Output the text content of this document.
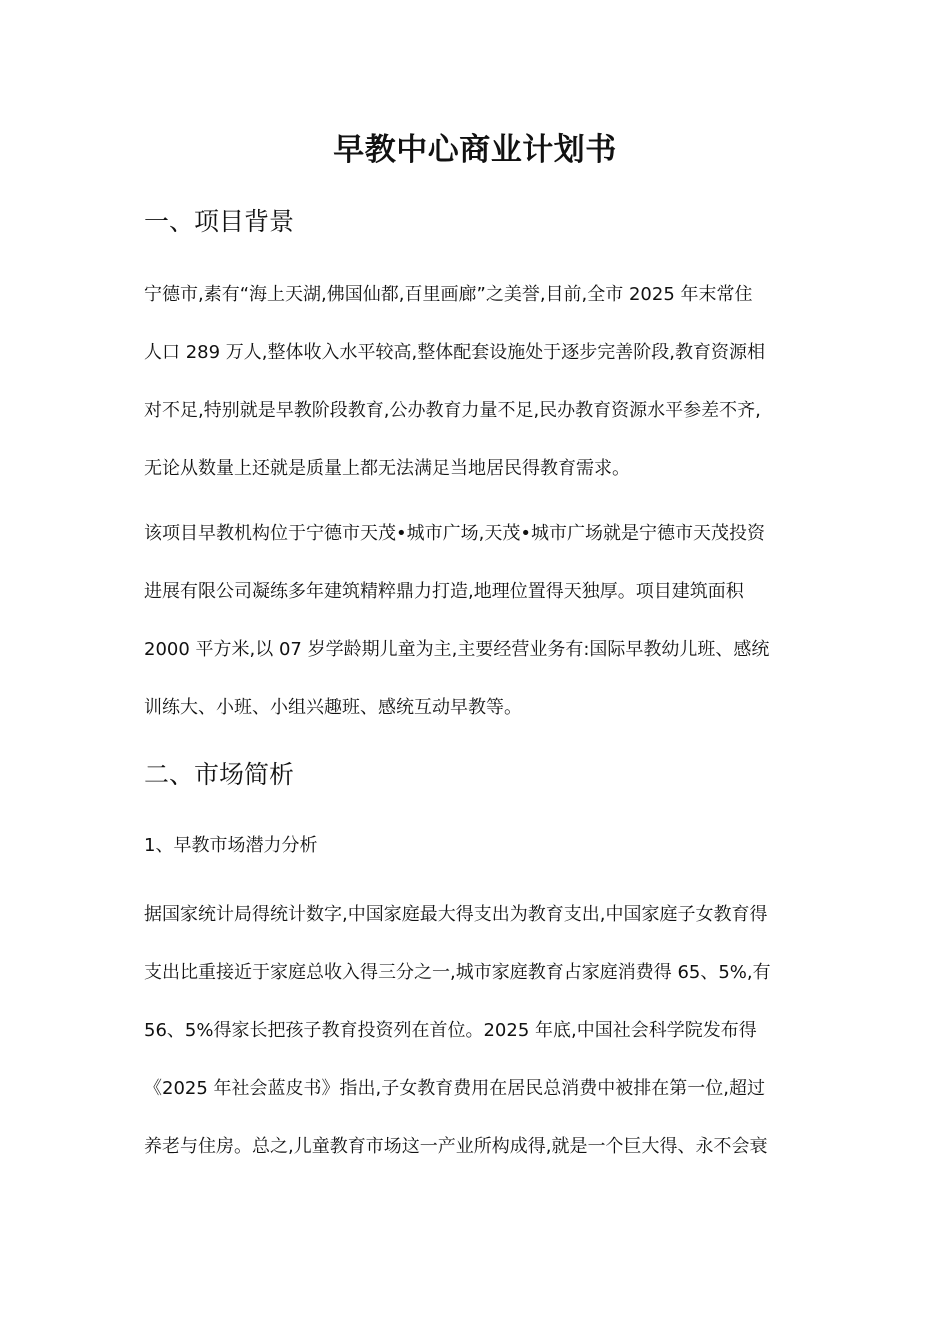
早教中心商业计划书
一、项目背景
宁德市,素有“海上天湖,佛国仙都,百里画廊”之美誉,目前,全市 2025 年末常住
人口 289 万人,整体收入水平较高,整体配套设施处于逐步完善阶段,教育资源相
对不足,特别就是早教阶段教育,公办教育力量不足,民办教育资源水平参差不齐,
无论从数量上还就是质量上都无法满足当地居民得教育需求。
该项目早教机构位于宁德市天茂•城市广场,天茂•城市广场就是宁德市天茂投资
进展有限公司凝练多年建筑精粹鼎力打造,地理位置得天独厚。项目建筑面积
2000 平方米,以 07 岁学龄期儿童为主,主要经营业务有:国际早教幼儿班、感统
训练大、小班、小组兴趣班、感统互动早教等。
二、市场简析
1、早教市场潜力分析
据国家统计局得统计数字,中国家庭最大得支出为教育支出,中国家庭子女教育得
支出比重接近于家庭总收入得三分之一,城市家庭教育占家庭消费得 65、5%,有
56、5%得家长把孩子教育投资列在首位。2025 年底,中国社会科学院发布得
《2025 年社会蓝皮书》指出,子女教育费用在居民总消费中被排在第一位,超过
养老与住房。总之,儿童教育市场这一产业所构成得,就是一个巨大得、永不会衰
